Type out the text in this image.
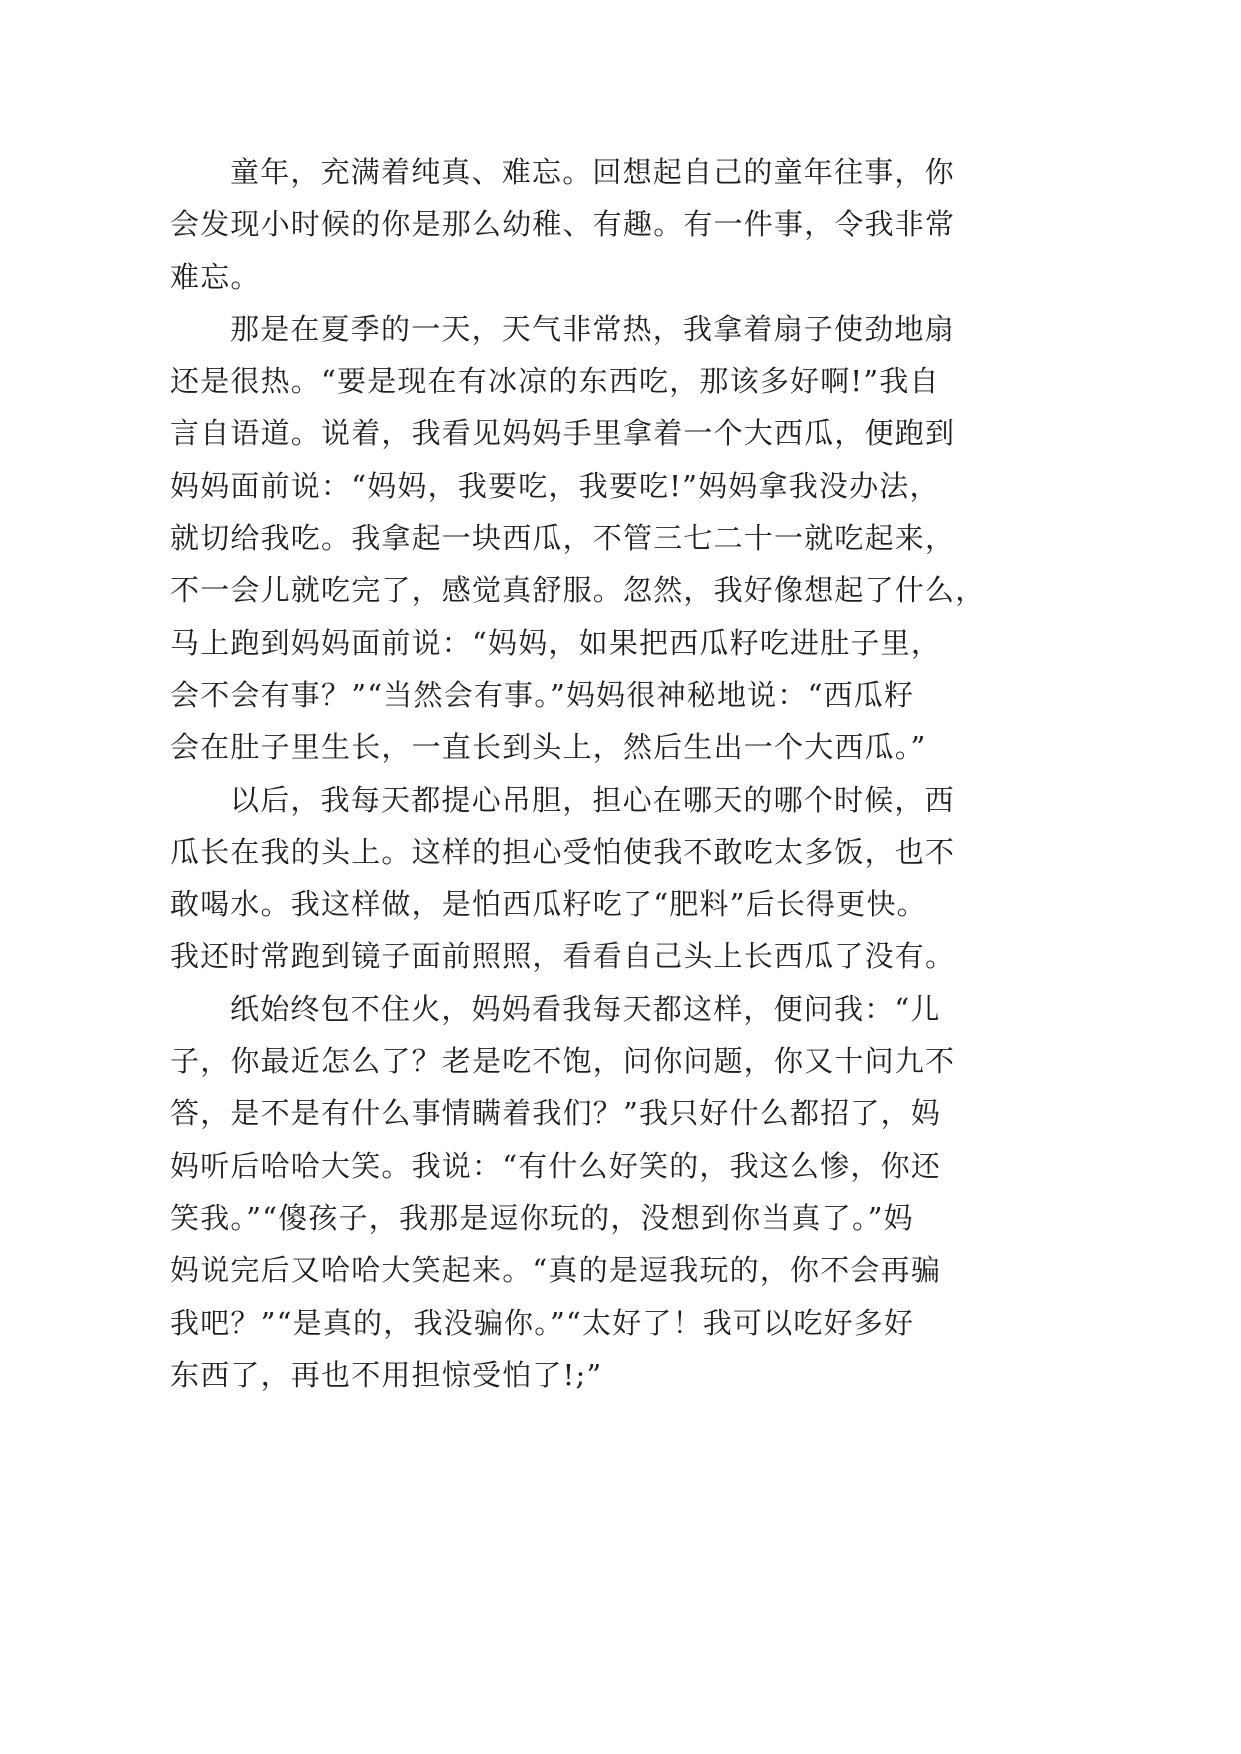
童年，充满着纯真、难忘。回想起自己的童年往事，你
会发现小时候的你是那么幼稚、有趣。有一件事，令我非常
难忘。
那是在夏季的一天，天气非常热，我拿着扇子使劲地扇
还是很热。“要是现在有冰凉的东西吃，那该多好啊!”我自
言自语道。说着，我看见妈妈手里拿着一个大西瓜，便跑到
妈妈面前说：“妈妈，我要吃，我要吃!”妈妈拿我没办法，
就切给我吃。我拿起一块西瓜，不管三七二十一就吃起来，
不一会儿就吃完了，感觉真舒服。忽然，我好像想起了什么，
马上跑到妈妈面前说：“妈妈，如果把西瓜籽吃进肚子里，
会不会有事？”“当然会有事。”妈妈很神秘地说：“西瓜籽
会在肚子里生长，一直长到头上，然后生出一个大西瓜。”
以后，我每天都提心吊胆，担心在哪天的哪个时候，西
瓜长在我的头上。这样的担心受怕使我不敢吃太多饭，也不
敢喝水。我这样做，是怕西瓜籽吃了“肥料”后长得更快。
我还时常跑到镜子面前照照，看看自己头上长西瓜了没有。
纸始终包不住火，妈妈看我每天都这样，便问我：“儿
子，你最近怎么了？老是吃不饱，问你问题，你又十问九不
答，是不是有什么事情瞒着我们？”我只好什么都招了，妈
妈听后哈哈大笑。我说：“有什么好笑的，我这么惨，你还
笑我。”“傻孩子，我那是逗你玩的，没想到你当真了。”妈
妈说完后又哈哈大笑起来。“真的是逗我玩的，你不会再骗
我吧？”“是真的，我没骗你。”“太好了！我可以吃好多好
东西了，再也不用担惊受怕了!;”
